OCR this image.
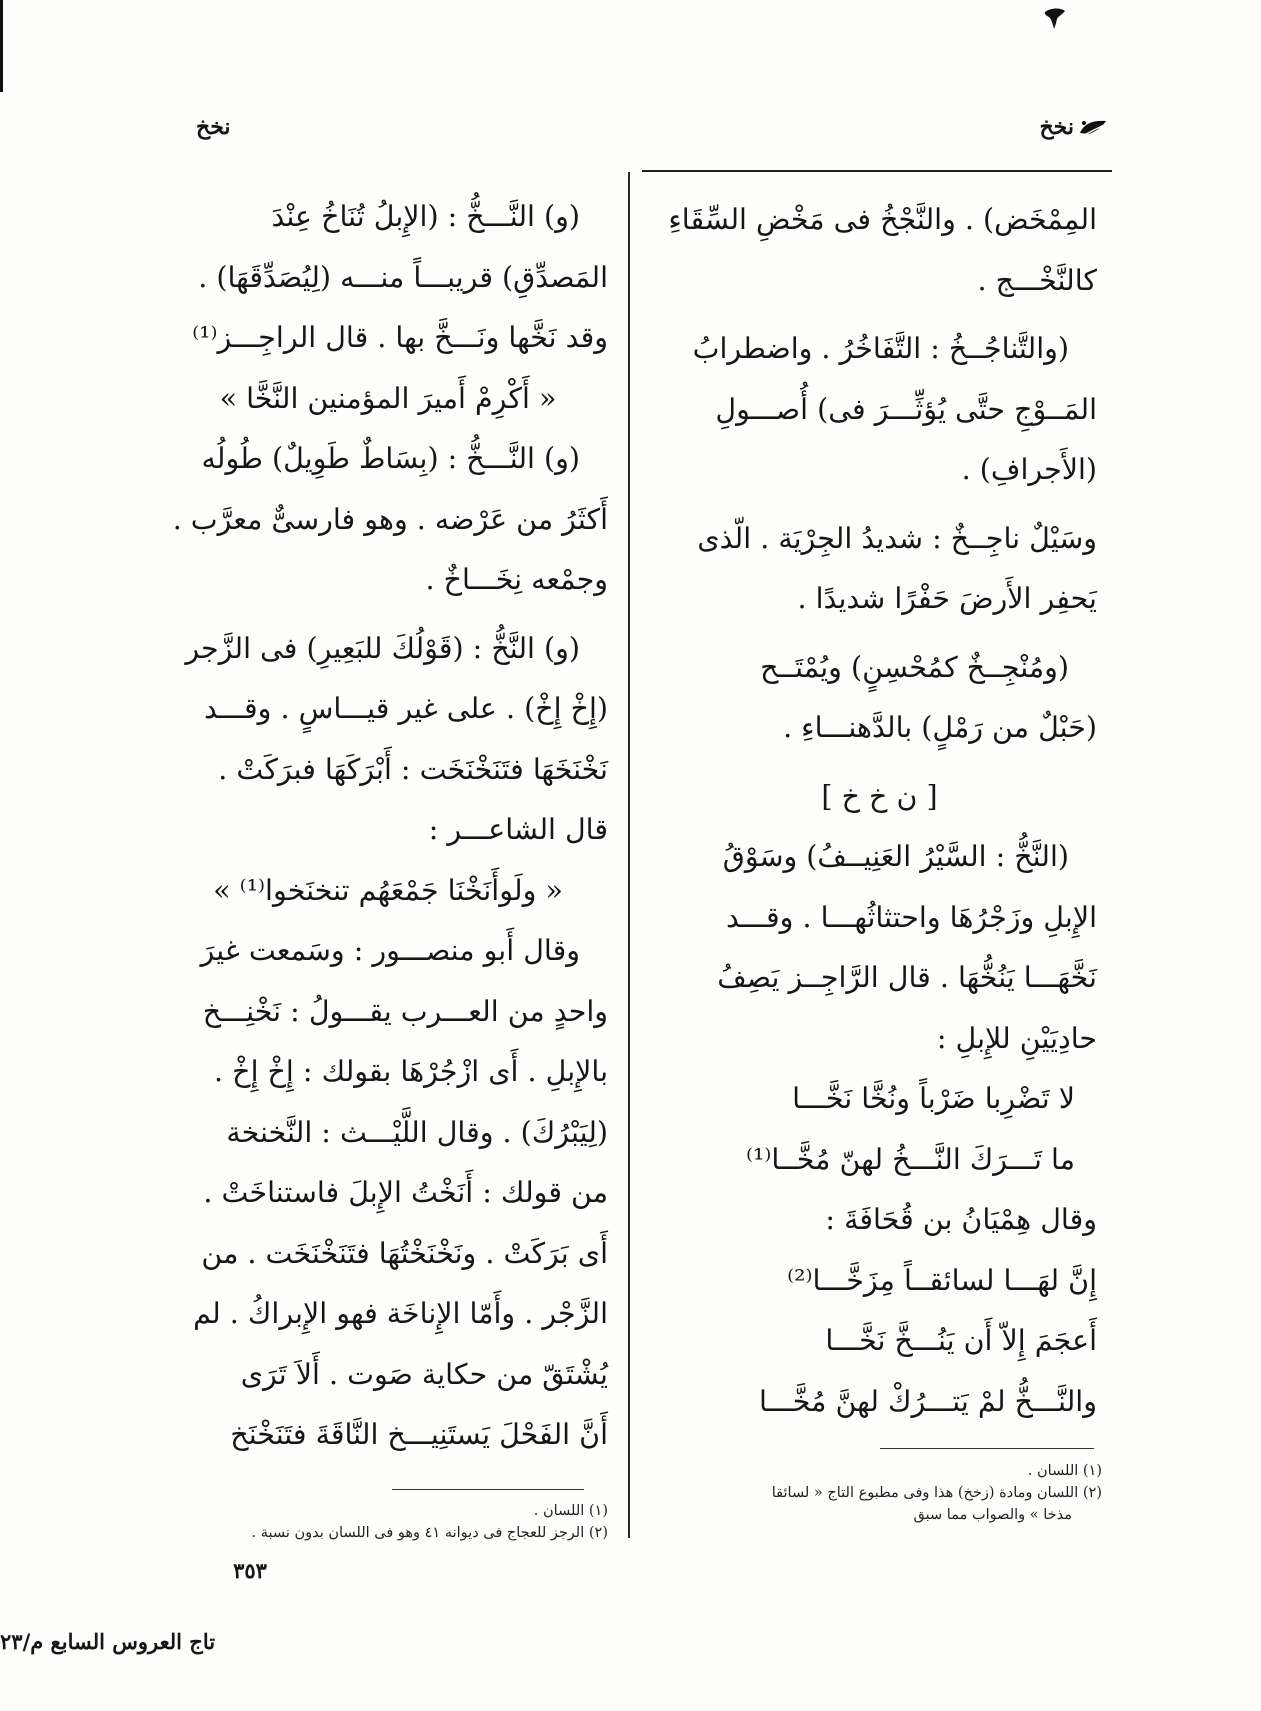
نخخ
نخخ

المِمْخَض) . والنَّجْخُ فى مَخْضِ السِّقَاءِ

كالنَّخْـــج .

(والتَّناجُــخُ : التَّفَاخُرُ . واضطرابُ

المَــوْجِ حتَّى يُؤثِّـــرَ فى) أُصـــولِ

(الأَجرافِ) .

وسَيْلٌ ناجِــخٌ : شديدُ الجِرْيَة . الّذى

يَحفِر الأَرضَ حَفْرًا شديدًا .

(ومُنْجِــخٌ كمُحْسِنٍ) ويُمْتَــح

(حَبْلٌ من رَمْلٍ) بالدَّهنـــاءِ .

[ ن خ خ ]

(النَّخُّ : السَّيْرُ العَنِيــفُ) وسَوْقُ

الإِبلِ وزَجْرُهَا واحتثاثُهـــا . وقـــد

نَخَّهَـــا يَنُخُّهَا . قال الرَّاجِــز يَصِفُ

حادِيَيْنِ للإِبلِ :

لا تَضْرِبا ضَرْباً ونُخَّا نَخَّـــا

ما تَـــرَكَ النَّـــخُ لهنّ مُخَّــا⁽¹⁾

وقال هِمْيَانُ بن قُحَافَةَ :

إِنَّ لهَـــا لسائقــاً مِزَخَّـــا⁽²⁾

أَعجَمَ إِلاّ أَن يَنُـــخَّ نَخَّـــا

والنَّـــخُّ لمْ يَتـــرُكْ لهنَّ مُخَّـــا

(و) النَّـــخُّ : (الإِبلُ تُنَاخُ عِنْدَ

المَصدِّقِ) قريبـــاً منـــه (لِيُصَدِّقَهَا) .

وقد نَخَّها ونَـــخَّ بها . قال الراجِـــز⁽¹⁾

« أَكْرِمْ أَميرَ المؤمنين النَّخَّا »

(و) النَّـــخُّ : (بِسَاطٌ طَوِيلٌ) طُولُه

أَكثَرُ من عَرْضه . وهو فارسىٌّ معرَّب .

وجمْعه نِخَـــاخٌ .

(و) النَّخُّ : (قَوْلُكَ للبَعِيرِ) فى الزَّجر

(إِخْ إِخْ) . على غير قيـــاسٍ . وقـــد

نَخْنَخَهَا فتَنَخْنَخَت : أَبْرَكَهَا فبرَكَتْ .

قال الشاعـــر :

« ولَوأَنَخْنَا جَمْعَهُم تنخنَخوا⁽¹⁾ »

وقال أَبو منصـــور : وسَمعت غيرَ

واحدٍ من العـــرب يقـــولُ : نَخْنِـــخ

بالإِبلِ . أَى ازْجُرْهَا بقولك : إِخْ إِخْ .

(لِيَبْرُكَ) . وقال اللَّيْـــث : النَّخنخة

من قولك : أَنَخْتُ الإِبلَ فاستناخَتْ .

أَى بَرَكَتْ . ونَخْنَخْتُهَا فتَنَخْنَخَت . من

الزَّجْر . وأَمّا الإِناخَة فهو الإِبراكُ . لم

يُشْتَقّ من حكاية صَوت . أَلاَ تَرَى

أَنَّ الفَحْلَ يَستَنِيـــخ النَّاقَةَ فتَنَخْنَخ

(١) اللسان .

(٢) اللسان ومادة (زخخ) هذا وفى مطبوع التاج « لسائقا

مذخا » والصواب مما سبق

(١) اللسان .

(٢) الرجز للعجاج فى ديوانه ٤١ وهو فى اللسان بدون نسبة .

٣٥٣
تاج العروس السابع م/٢٣
